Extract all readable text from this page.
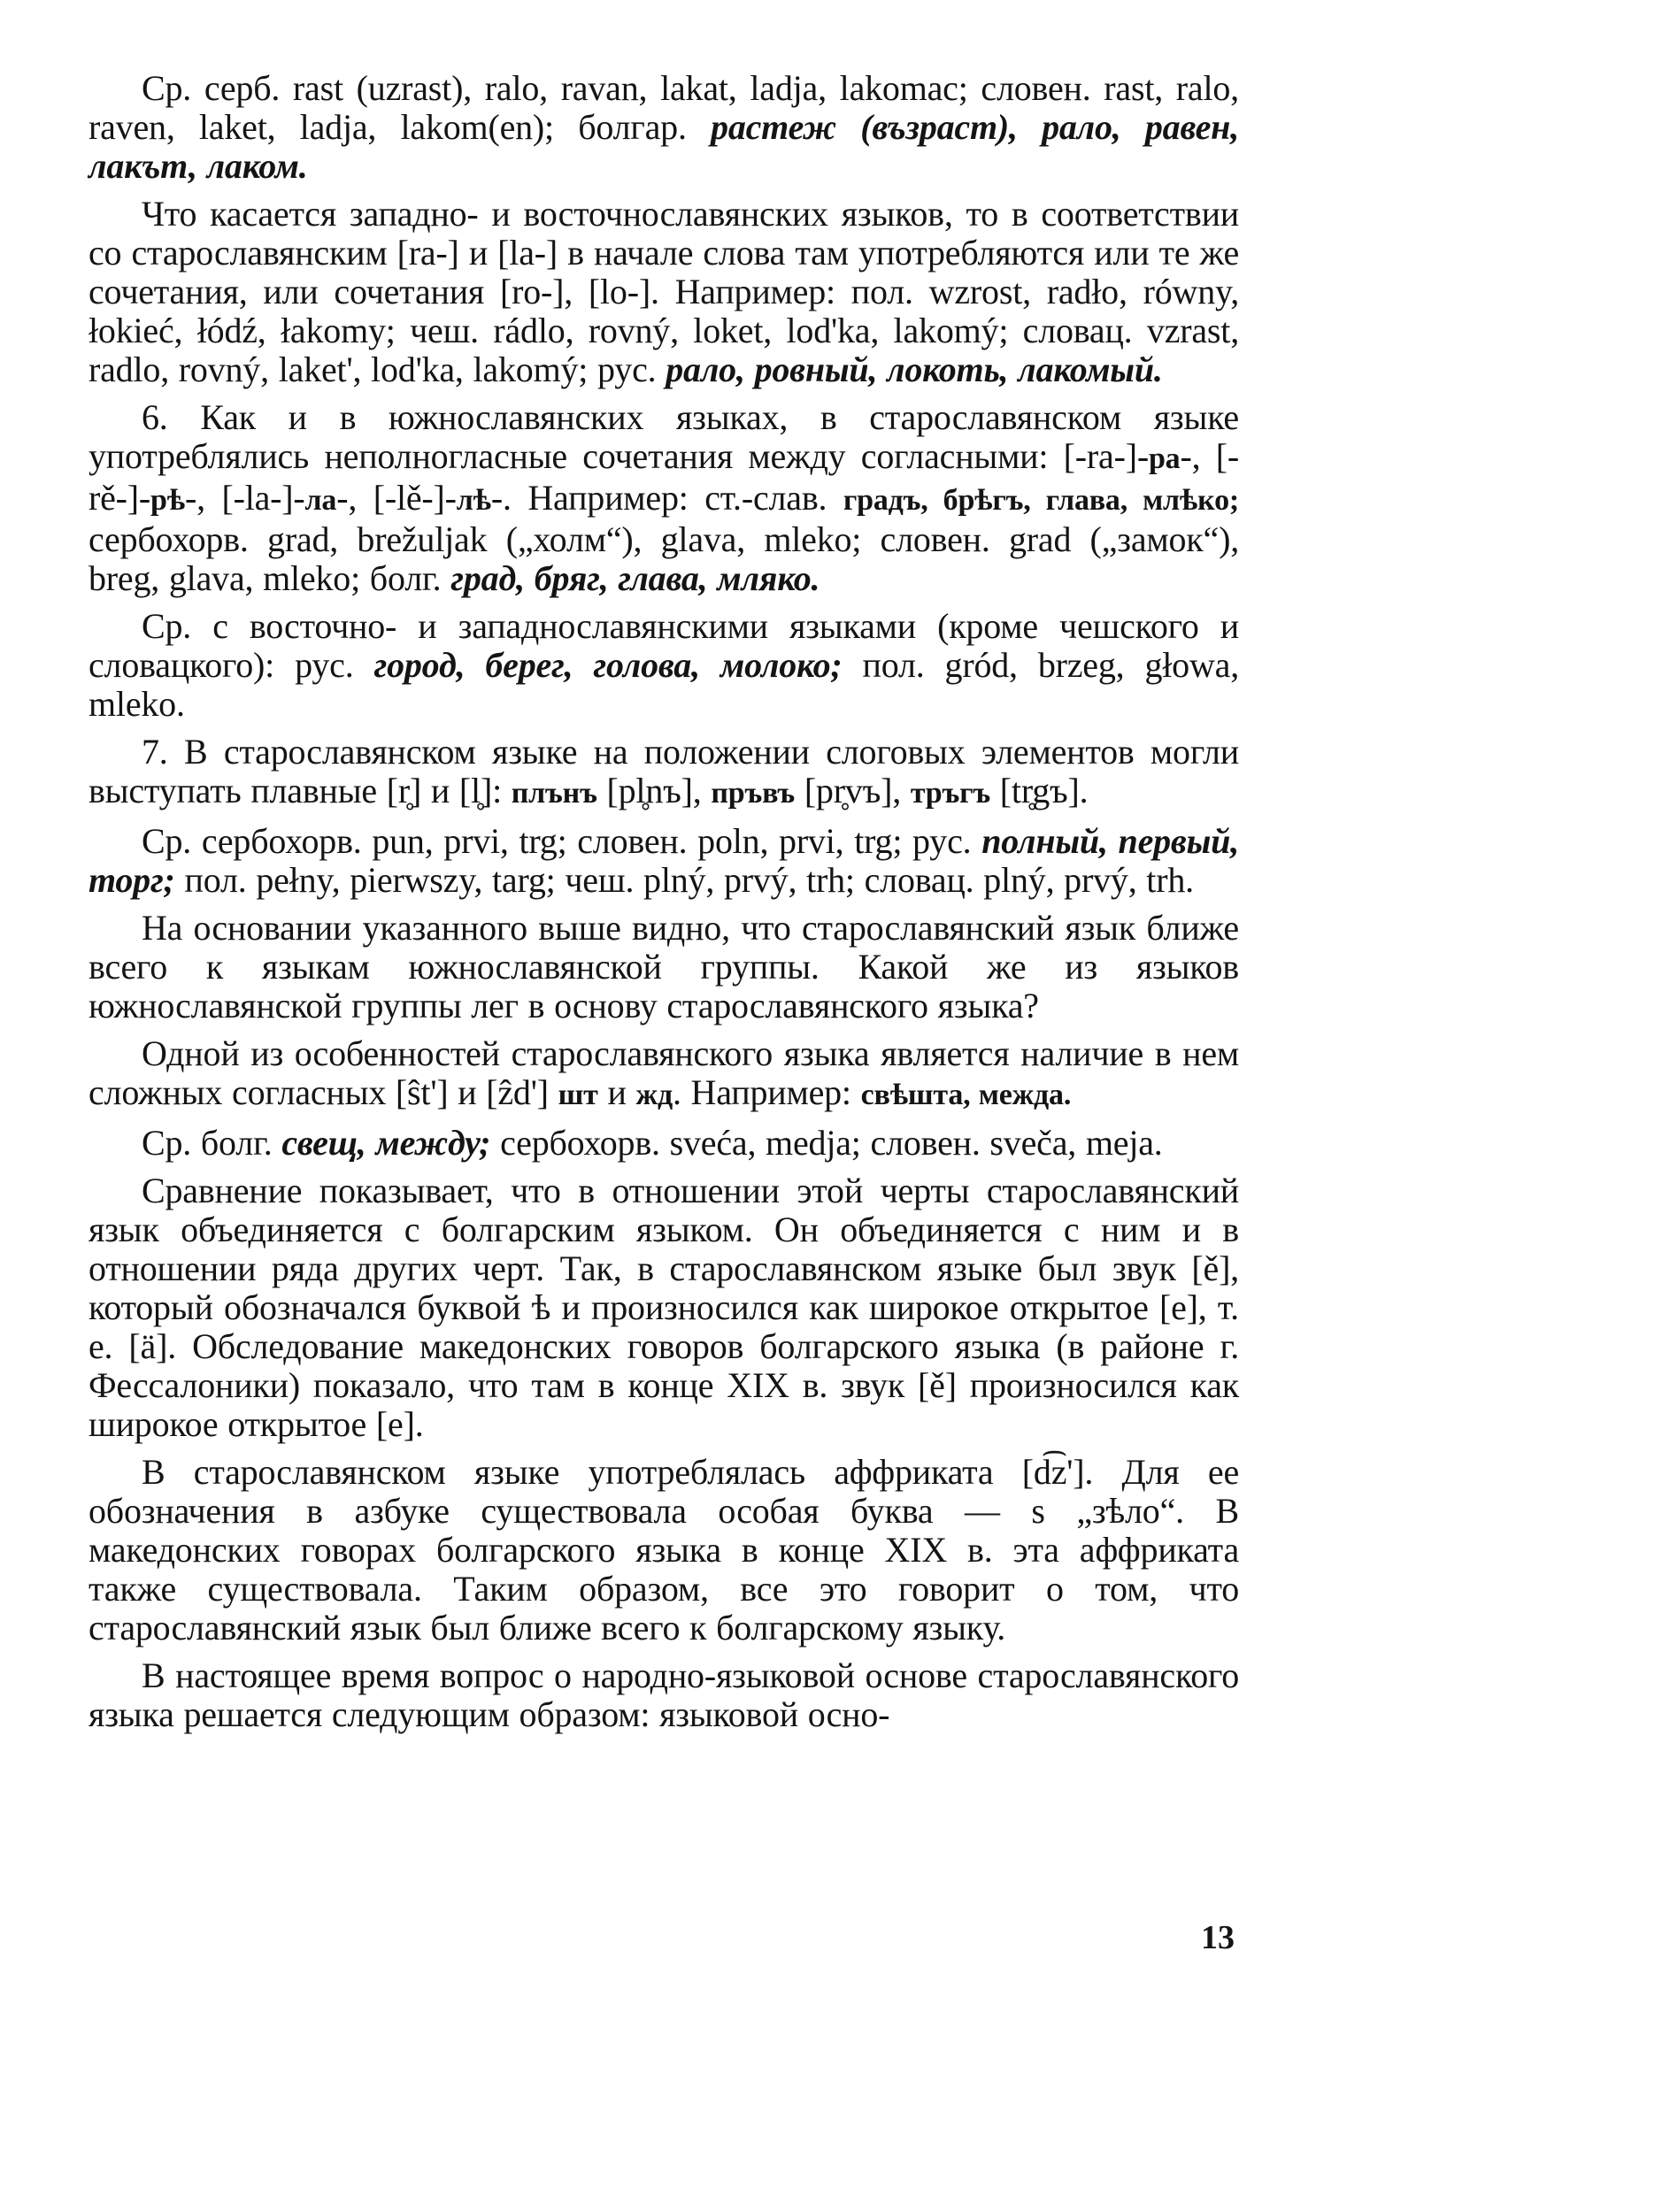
Ср. серб. rast (uzrast), ralo, ravan, lakat, ladja, lakomac; словен. rast, ralo, raven, laket, ladja, lakom(en); болгар. растеж (възраст), рало, равен, лакът, лаком.

Что касается западно- и восточнославянских языков, то в соответствии со старославянским [ra-] и [la-] в начале слова там употребляются или те же сочетания, или сочетания [ro-], [lo-]. Например: пол. wzrost, radło, równy, łokieć, łódź, łakomy; чеш. rádlo, rovný, loket, lod'ka, lakomý; словац. vzrast, radlo, rovný, laket', lod'ka, lakomý; рус. рало, ровный, локоть, лакомый.

6. Как и в южнославянских языках, в старославянском языке употреблялись неполногласные сочетания между согласными: [-ra-]-ра-, [-rě-]-рѣ-, [-la-]-ла-, [-lě-]-лѣ-. Например: ст.-слав. градъ, брѣгъ, глава, млѣко; сербохорв. grad, brežuljak („холм“), glava, mleko; словен. grad („замок“), breg, glava, mleko; болг. град, бряг, глава, мляко.

Ср. с восточно- и западнославянскими языками (кроме чешского и словацкого): рус. город, берег, голова, молоко; пол. gród, brzeg, głowa, mleko.

7. В старославянском языке на положении слоговых элементов могли выступать плавные [r̥] и [l̥]: плънъ [pl̥nъ], пръвъ [pr̥vъ], тръгъ [tr̥gъ].

Ср. сербохорв. pun, prvi, trg; словен. poln, prvi, trg; рус. полный, первый, торг; пол. pełny, pierwszy, targ; чеш. plný, prvý, trh; словац. plný, prvý, trh.

На основании указанного выше видно, что старославянский язык ближе всего к языкам южнославянской группы. Какой же из языков южнославянской группы лег в основу старославянского языка?

Одной из особенностей старославянского языка является наличие в нем сложных согласных [ŝt'] и [ẑd'] шт и жд. Например: свѣшта, межда.

Ср. болг. свещ, между; сербохорв. sveća, medja; словен. sveča, meja.

Сравнение показывает, что в отношении этой черты старославянский язык объединяется с болгарским языком. Он объединяется с ним и в отношении ряда других черт. Так, в старославянском языке был звук [ě], который обозначался буквой ѣ и произносился как широкое открытое [e], т. е. [ä]. Обследование македонских говоров болгарского языка (в районе г. Фессалоники) показало, что там в конце XIX в. звук [ě] произносился как широкое открытое [e].

В старославянском языке употреблялась аффриката [d͡z']. Для ее обозначения в азбуке существовала особая буква — ѕ „зѣло“. В македонских говорах болгарского языка в конце XIX в. эта аффриката также существовала. Таким образом, все это говорит о том, что старославянский язык был ближе всего к болгарскому языку.

В настоящее время вопрос о народно-языковой основе старославянского языка решается следующим образом: языковой осно-

13
